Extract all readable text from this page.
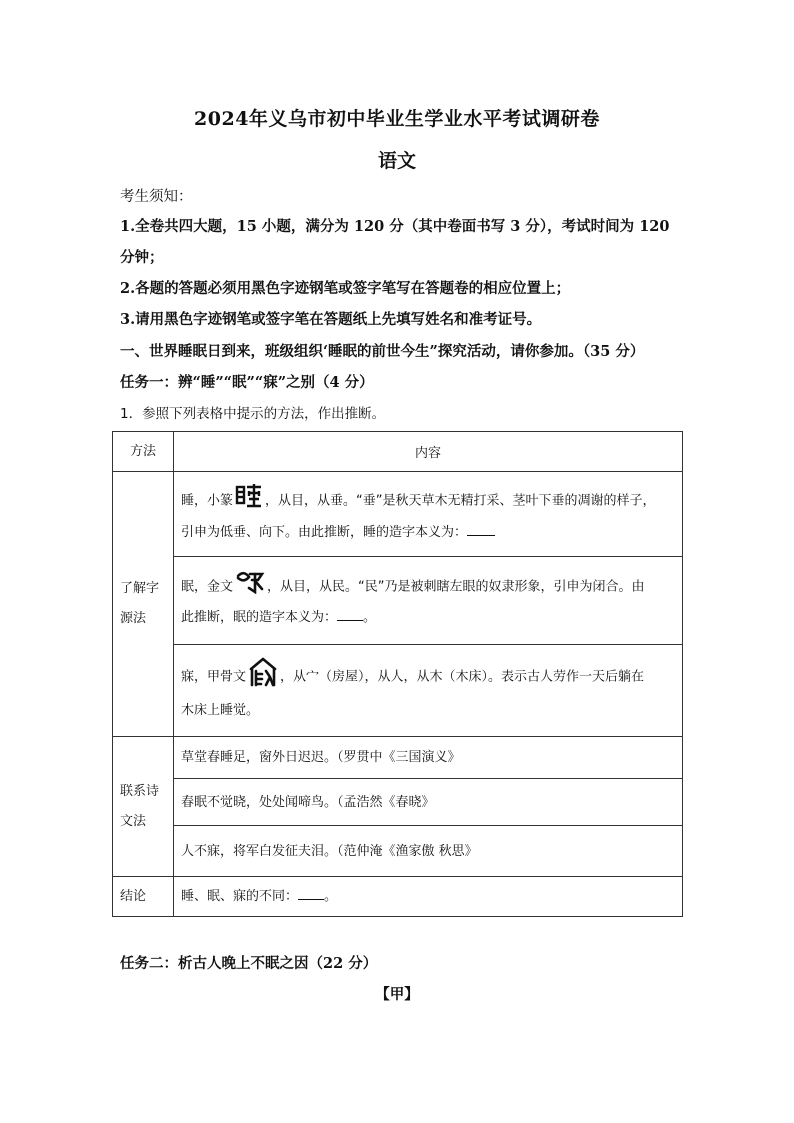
2024年义乌市初中毕业生学业水平考试调研卷
语文
考生须知：
1.全卷共四大题，15 小题，满分为 120 分（其中卷面书写 3 分），考试时间为 120
分钟；
2.各题的答题必须用黑色字迹钢笔或签字笔写在答题卷的相应位置上；
3.请用黑色字迹钢笔或签字笔在答题纸上先填写姓名和准考证号。
一、世界睡眠日到来，班级组织‘睡眠的前世今生”探究活动，请你参加。（35 分）
任务一：辨“睡”“眠”“寐”之别（4 分）
1．参照下列表格中提示的方法，作出推断。
方法	内容
了解字源法	睡，小篆 ，从目，从垂。“垂”是秋天草木无精打采、茎叶下垂的凋谢的样子，
引申为低垂、向下。由此推断，睡的造字本义为：
	眠，金文 ，从目，从民。“民”乃是被刺瞎左眼的奴隶形象，引申为闭合。由
此推断，眠的造字本义为： 。
	寐，甲骨文 ，从宀（房屋），从人，从木（木床）。表示古人劳作一天后躺在
木床上睡觉。
联系诗文法	草堂春睡足，窗外日迟迟。（罗贯中《三国演义》
	春眠不觉晓，处处闻啼鸟。（孟浩然《春晓》
	人不寐，将军白发征夫泪。（范仲淹《渔家傲 秋思》
结论	睡、眠、寐的不同： 。
任务二：析古人晚上不眠之因（22 分）
【甲】
